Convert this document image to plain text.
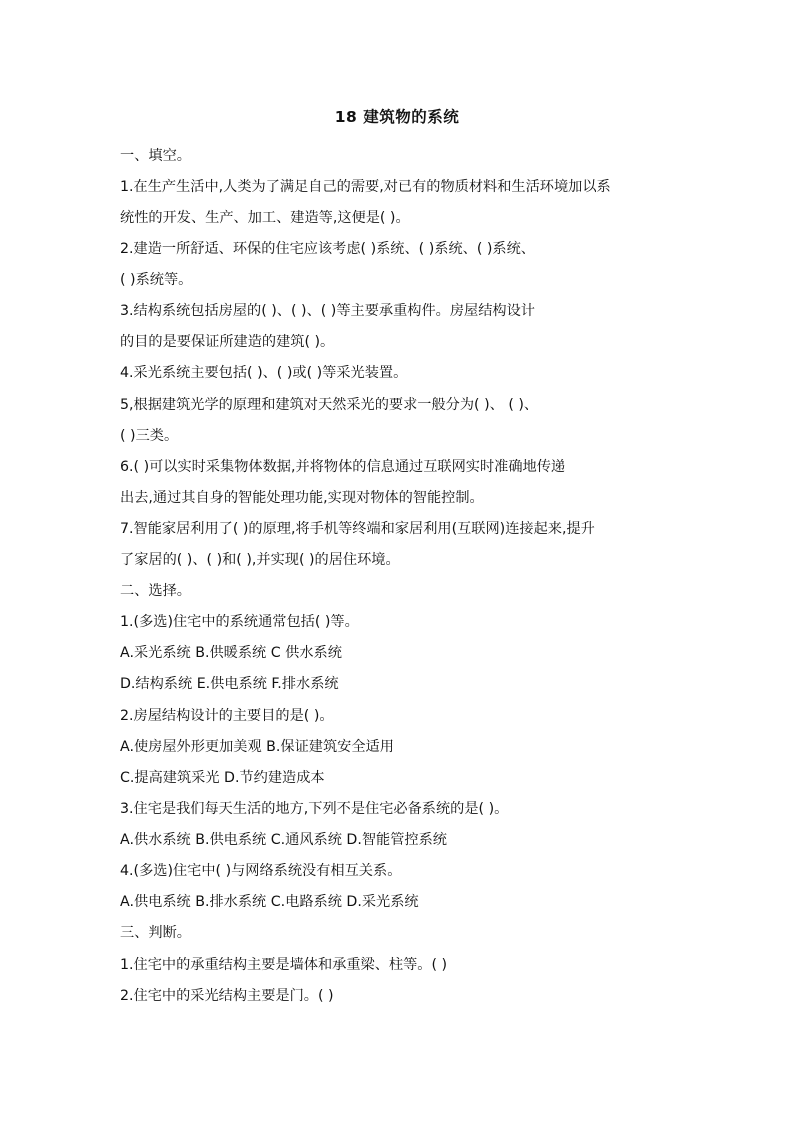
18 建筑物的系统
一、填空。
1.在生产生活中,人类为了满足自己的需要,对已有的物质材料和生活环境加以系
统性的开发、生产、加工、建造等,这便是( )。
2.建造一所舒适、环保的住宅应该考虑( )系统、( )系统、( )系统、
( )系统等。
3.结构系统包括房屋的( )、( )、( )等主要承重构件。房屋结构设计
的目的是要保证所建造的建筑( )。
4.采光系统主要包括( )、( )或( )等采光装置。
5,根据建筑光学的原理和建筑对天然采光的要求一般分为( )、 ( )、
( )三类。
6.( )可以实时采集物体数据,并将物体的信息通过互联网实时准确地传递
出去,通过其自身的智能处理功能,实现对物体的智能控制。
7.智能家居利用了( )的原理,将手机等终端和家居利用(互联网)连接起来,提升
了家居的( )、( )和( ),并实现( )的居住环境。
二、选择。
1.(多选)住宅中的系统通常包括( )等。
A.采光系统 B.供暖系统 C 供水系统
D.结构系统 E.供电系统 F.排水系统
2.房屋结构设计的主要目的是( )。
A.使房屋外形更加美观 B.保证建筑安全适用
C.提高建筑采光 D.节约建造成本
3.住宅是我们每天生活的地方,下列不是住宅必备系统的是( )。
A.供水系统 B.供电系统 C.通风系统 D.智能管控系统
4.(多选)住宅中( )与网络系统没有相互关系。
A.供电系统 B.排水系统 C.电路系统 D.采光系统
三、判断。
1.住宅中的承重结构主要是墙体和承重梁、柱等。( )
2.住宅中的采光结构主要是门。( )
